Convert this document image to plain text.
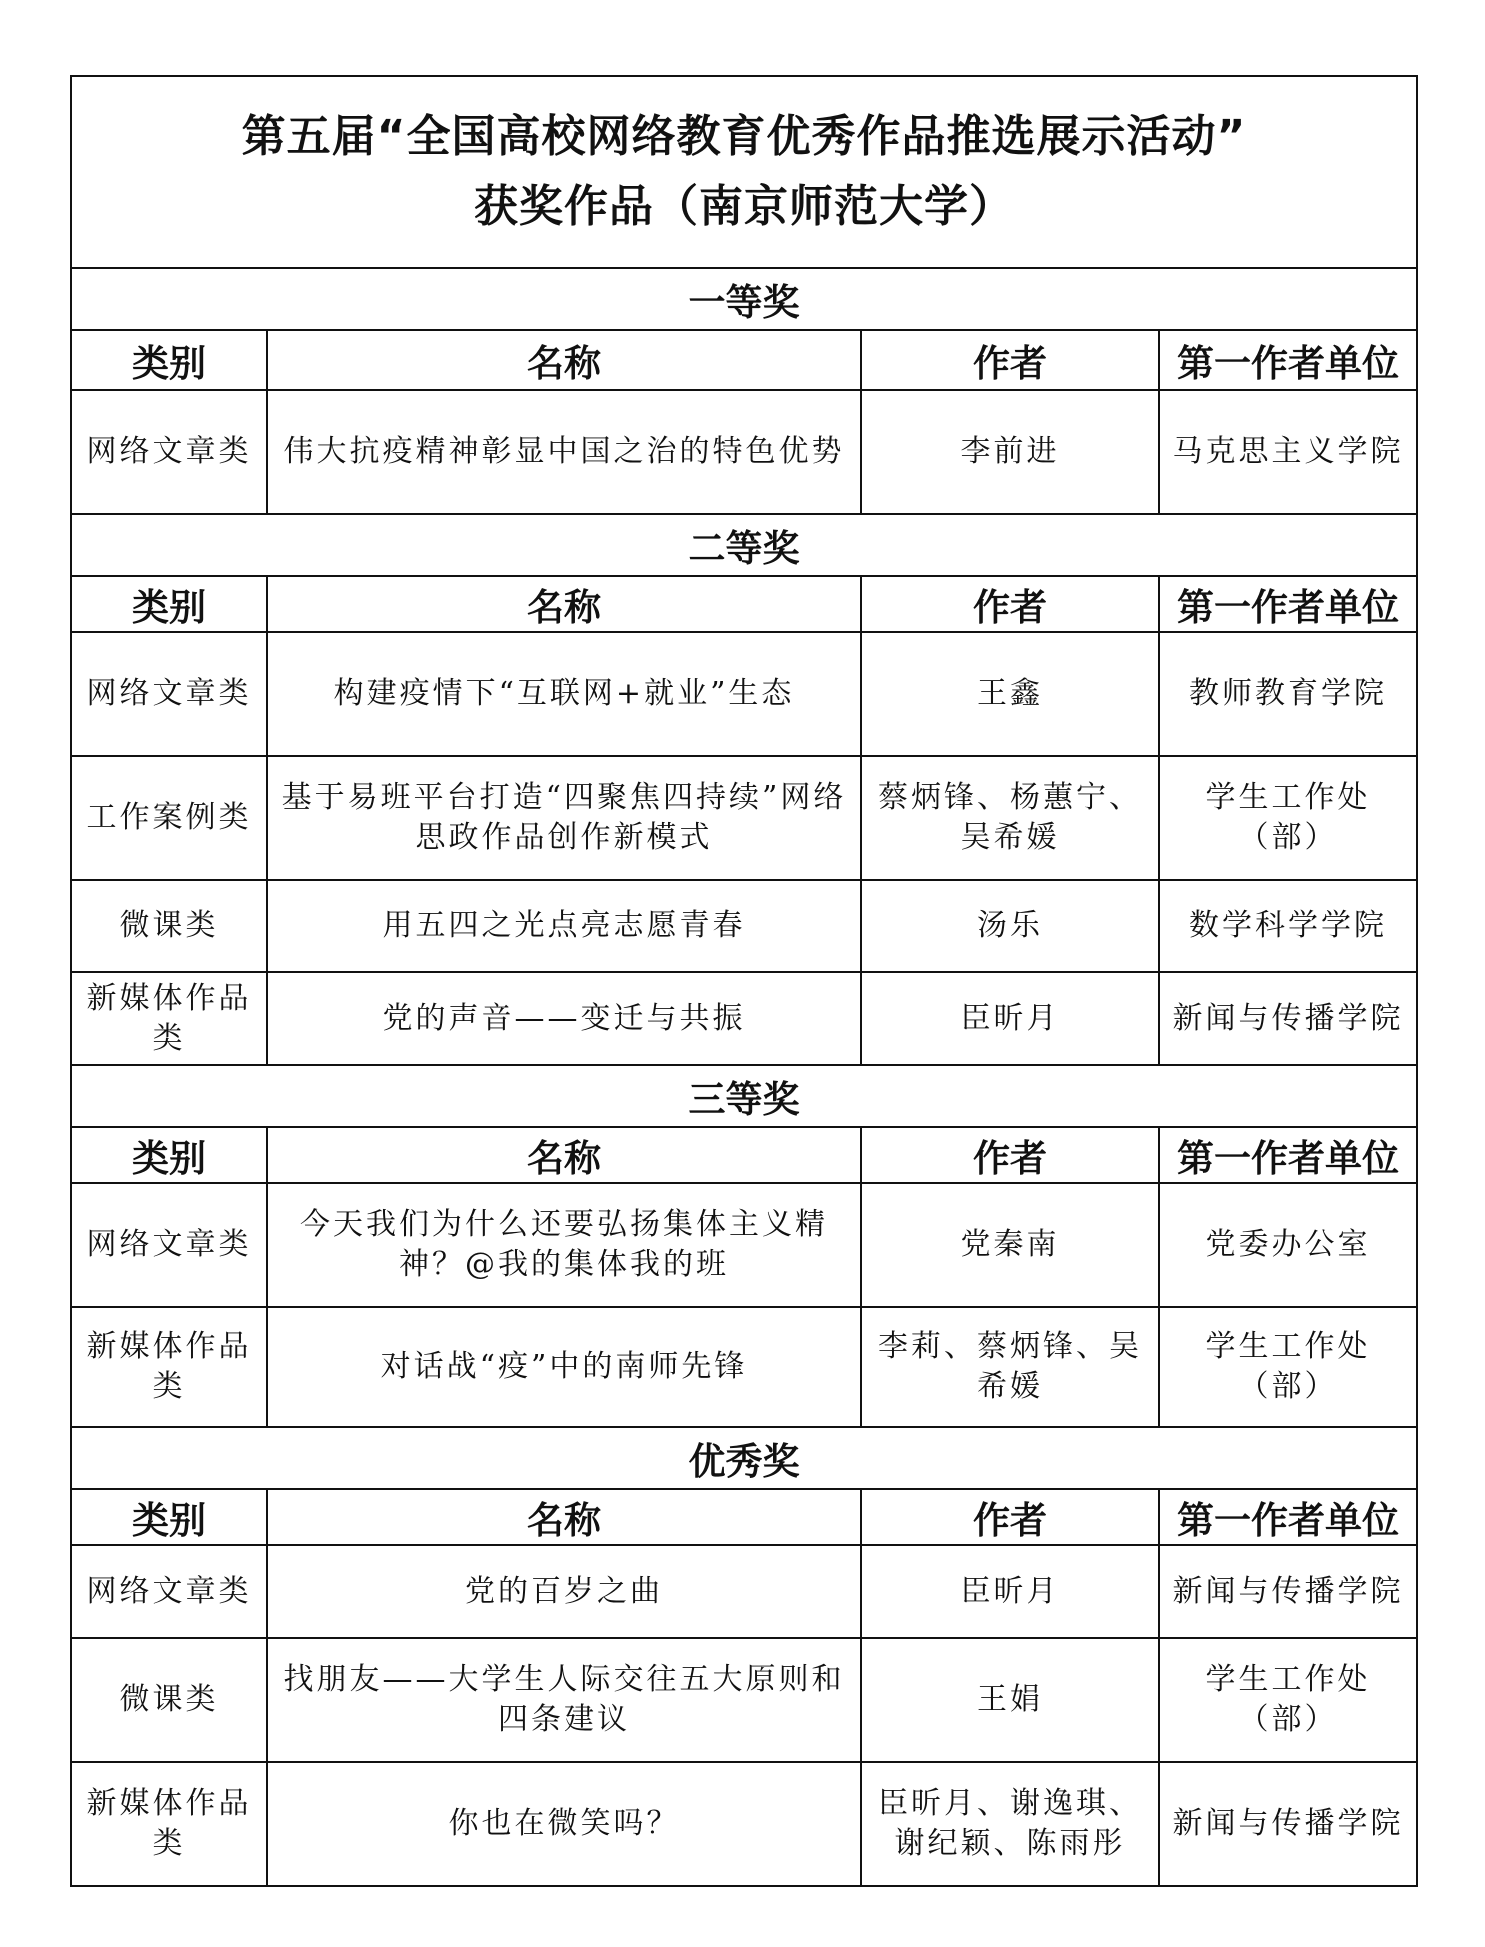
第五届“全国高校网络教育优秀作品推选展示活动”
获奖作品（南京师范大学）			

一等奖			
类别	名称	作者	第一作者单位
网络文章类	伟大抗疫精神彰显中国之治的特色优势	李前进	马克思主义学院
二等奖			
类别	名称	作者	第一作者单位
网络文章类	构建疫情下“互联网+就业”生态	王鑫	教师教育学院
工作案例类	基于易班平台打造“四聚焦四持续”网络思政作品创作新模式	蔡炳锋、杨蕙宁、吴希媛	学生工作处（部）
微课类	用五四之光点亮志愿青春	汤乐	数学科学学院
新媒体作品类	党的声音——变迁与共振	臣昕月	新闻与传播学院
三等奖			
类别	名称	作者	第一作者单位
网络文章类	今天我们为什么还要弘扬集体主义精神？@我的集体我的班	党秦南	党委办公室
新媒体作品类	对话战“疫”中的南师先锋	李莉、蔡炳锋、吴希媛	学生工作处（部）
优秀奖			
类别	名称	作者	第一作者单位
网络文章类	党的百岁之曲	臣昕月	新闻与传播学院
微课类	找朋友——大学生人际交往五大原则和四条建议	王娟	学生工作处（部）
新媒体作品类	你也在微笑吗？	臣昕月、谢逸琪、谢纪颖、陈雨彤	新闻与传播学院
